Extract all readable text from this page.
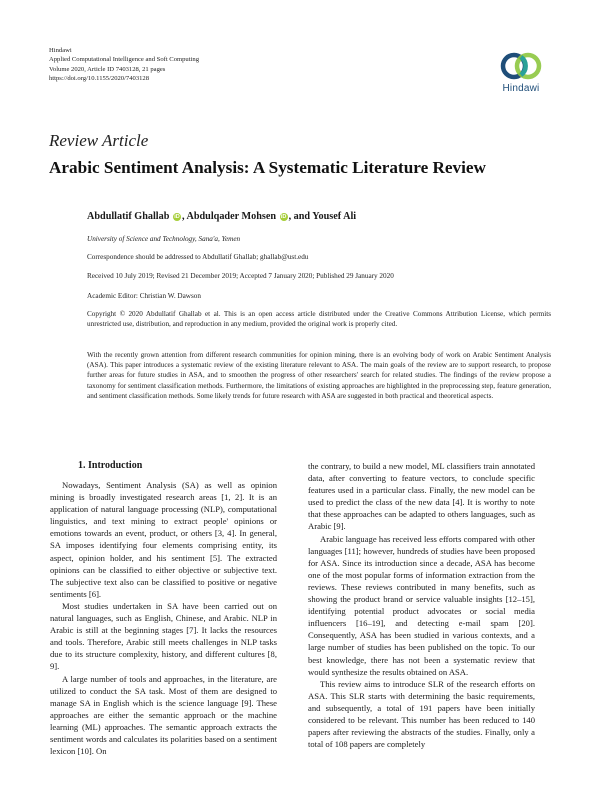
Hindawi
Applied Computational Intelligence and Soft Computing
Volume 2020, Article ID 7403128, 21 pages
https://doi.org/10.1155/2020/7403128
Hindawi
Review Article
Arabic Sentiment Analysis: A Systematic Literature Review
Abdullatif Ghallab iD , Abdulqader Mohsen iD , and Yousef Ali
University of Science and Technology, Sana'a, Yemen
Correspondence should be addressed to Abdullatif Ghallab; ghallab@ust.edu
Received 10 July 2019; Revised 21 December 2019; Accepted 7 January 2020; Published 29 January 2020
Academic Editor: Christian W. Dawson
Copyright © 2020 Abdullatif Ghallab et al. This is an open access article distributed under the Creative Commons Attribution License, which permits unrestricted use, distribution, and reproduction in any medium, provided the original work is properly cited.
With the recently grown attention from different research communities for opinion mining, there is an evolving body of work on Arabic Sentiment Analysis (ASA). This paper introduces a systematic review of the existing literature relevant to ASA. The main goals of the review are to support research, to propose further areas for future studies in ASA, and to smoothen the progress of other researchers' search for related studies. The findings of the review propose a taxonomy for sentiment classification methods. Furthermore, the limitations of existing approaches are highlighted in the preprocessing step, feature generation, and sentiment classification methods. Some likely trends for future research with ASA are suggested in both practical and theoretical aspects.
1. Introduction

Nowadays, Sentiment Analysis (SA) as well as opinion mining is broadly investigated research areas [1, 2]. It is an application of natural language processing (NLP), computational linguistics, and text mining to extract people' opinions or emotions towards an event, product, or others [3, 4]. In general, SA imposes identifying four elements comprising entity, its aspect, opinion holder, and his sentiment [5]. The extracted opinions can be classified to either objective or subjective text. The subjective text also can be classified to positive or negative sentiments [6].

Most studies undertaken in SA have been carried out on natural languages, such as English, Chinese, and Arabic. NLP in Arabic is still at the beginning stages [7]. It lacks the resources and tools. Therefore, Arabic still meets challenges in NLP tasks due to its structure complexity, history, and different cultures [8, 9].

A large number of tools and approaches, in the literature, are utilized to conduct the SA task. Most of them are designed to manage SA in English which is the science language [9]. These approaches are either the semantic approach or the machine learning (ML) approaches. The semantic approach extracts the sentiment words and calculates its polarities based on a sentiment lexicon [10]. On

the contrary, to build a new model, ML classifiers train annotated data, after converting to feature vectors, to conclude specific features used in a particular class. Finally, the new model can be used to predict the class of the new data [4]. It is worthy to note that these approaches can be adapted to others languages, such as Arabic [9].

Arabic language has received less efforts compared with other languages [11]; however, hundreds of studies have been proposed for ASA. Since its introduction since a decade, ASA has become one of the most popular forms of information extraction from the reviews. These reviews contributed in many benefits, such as showing the product brand or service valuable insights [12–15], identifying potential product advocates or social media influencers [16–19], and detecting e-mail spam [20]. Consequently, ASA has been studied in various contexts, and a large number of studies has been published on the topic. To our best knowledge, there has not been a systematic review that would synthesize the results obtained on ASA.

This review aims to introduce SLR of the research efforts on ASA. This SLR starts with determining the basic requirements, and subsequently, a total of 191 papers have been initially considered to be relevant. This number has been reduced to 140 papers after reviewing the abstracts of the studies. Finally, only a total of 108 papers are completely
